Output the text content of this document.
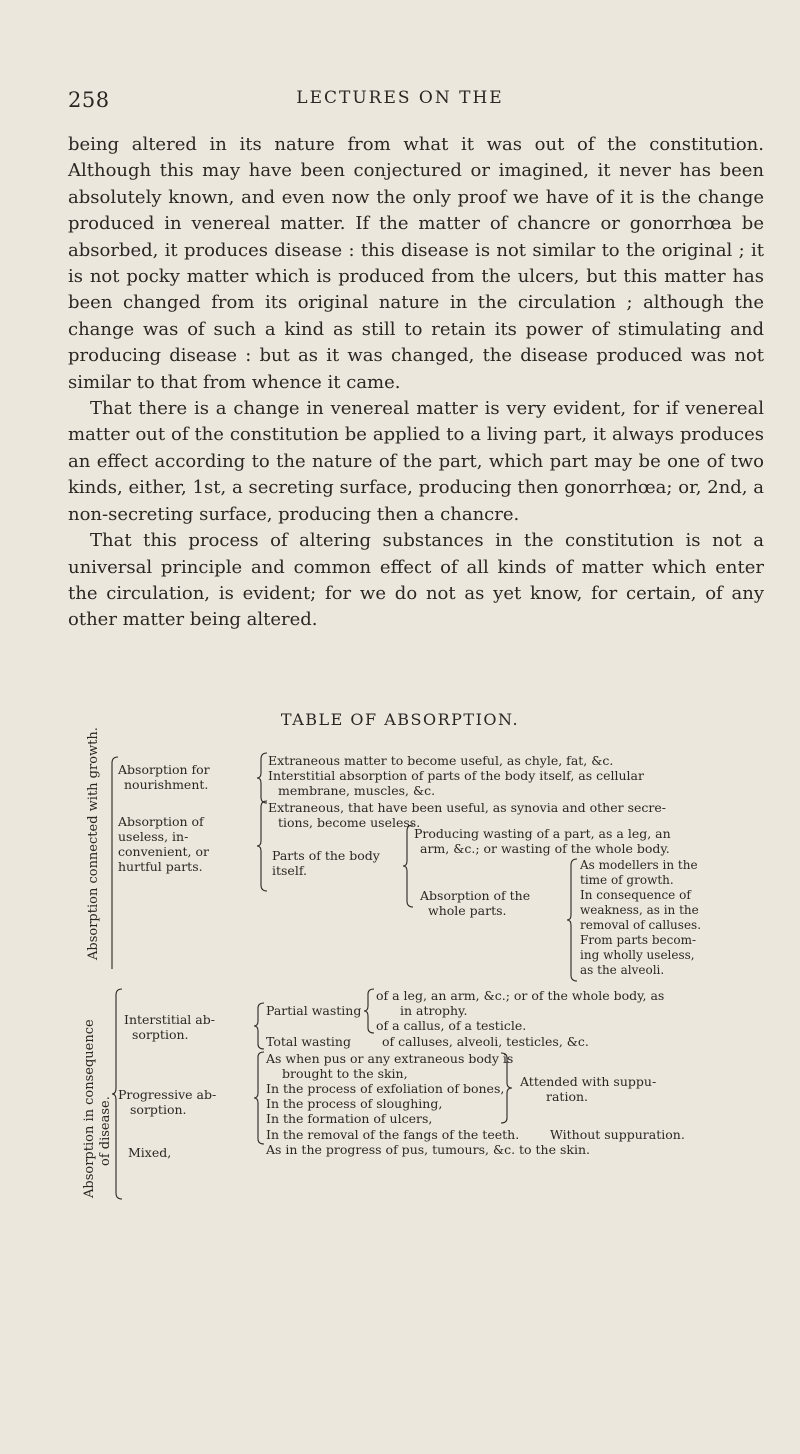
258	LECTURES ON THE

being altered in its nature from what it was out of the constitution. Although this may have been conjectured or imagined, it never has been absolutely known, and even now the only proof we have of it is the change produced in venereal matter. If the matter of chancre or gonorrhœa be absorbed, it produces disease : this disease is not similar to the original ; it is not pocky matter which is produced from the ulcers, but this matter has been changed from its original nature in the circulation ; although the change was of such a kind as still to retain its power of stimulating and producing disease : but as it was changed, the disease produced was not similar to that from whence it came.

That there is a change in venereal matter is very evident, for if venereal matter out of the constitution be applied to a living part, it always produces an effect according to the nature of the part, which part may be one of two kinds, either, 1st, a secreting surface, producing then gonorrhœa; or, 2nd, a non-secreting surface, producing then a chancre.

That this process of altering substances in the constitution is not a universal principle and common effect of all kinds of matter which enter the circulation, is evident; for we do not as yet know, for certain, of any other matter being altered.

TABLE OF ABSORPTION.
Absorption connected with growth. Absorption for
nourishment.
Extraneous matter to become useful, as chyle, fat, &c.
Interstitial absorption of parts of the body itself, as cellular
membrane, muscles, &c.
Absorption of
useless, in-
convenient, or
hurtful parts.
Extraneous, that have been useful, as synovia and other secre-
tions, become useless.
Parts of the body
itself.
Producing wasting of a part, as a leg, an
arm, &c.; or wasting of the whole body.
Absorption of the
whole parts.
As modellers in the
time of growth.
In consequence of
weakness, as in the
removal of calluses.
From parts becom-
ing wholly useless,
as the alveoli.
Absorption in consequence of disease.
Interstitial ab-
sorption.
Partial wasting
of a leg, an arm, &c.; or of the whole body, as
in atrophy.
of a callus, of a testicle.
Total wasting of calluses, alveoli, testicles, &c.
Progressive ab-
sorption.
As when pus or any extraneous body is
brought to the skin,
In the process of exfoliation of bones,
In the process of sloughing,
In the formation of ulcers,
In the removal of the fangs of the teeth.
Attended with suppu-
ration.
Without suppuration.
Mixed,	As in the progress of pus, tumours, &c. to the skin.
